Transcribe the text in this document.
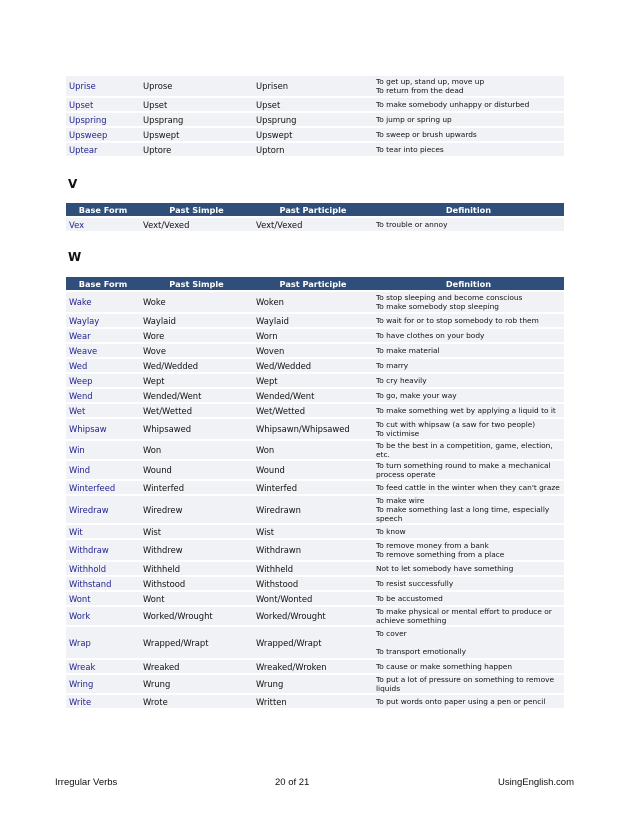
Uprise	Uprose	Uprisen	To get up, stand up, move up
To return from the dead

Upset	Upset	Upset	To make somebody unhappy or disturbed

Upspring	Upsprang	Upsprung	To jump or spring up

Upsweep	Upswept	Upswept	To sweep or brush upwards

Uptear	Uptore	Uptorn	To tear into pieces
V
Base Form	Past Simple	Past Participle	Definition
Vex	Vext/Vexed	Vext/Vexed	To trouble or annoy
W
Base Form	Past Simple	Past Participle	Definition
Wake	Woke	Woken	To stop sleeping and become conscious
To make somebody stop sleeping

Waylay	Waylaid	Waylaid	To wait for or to stop somebody to rob them

Wear	Wore	Worn	To have clothes on your body

Weave	Wove	Woven	To make material

Wed	Wed/Wedded	Wed/Wedded	To marry

Weep	Wept	Wept	To cry heavily

Wend	Wended/Went	Wended/Went	To go, make your way

Wet	Wet/Wetted	Wet/Wetted	To make something wet by applying a liquid to it

Whipsaw	Whipsawed	Whipsawn/Whipsawed	To cut with whipsaw (a saw for two people)
To victimise

Win	Won	Won	To be the best in a competition, game, election, etc.

Wind	Wound	Wound	To turn something round to make a mechanical process operate

Winterfeed	Winterfed	Winterfed	To feed cattle in the winter when they can't graze

Wiredraw	Wiredrew	Wiredrawn	To make wire
To make something last a long time, especially speech

Wit	Wist	Wist	To know

Withdraw	Withdrew	Withdrawn	To remove money from a bank
To remove something from a place

Withhold	Withheld	Withheld	Not to let somebody have something

Withstand	Withstood	Withstood	To resist successfully

Wont	Wont	Wont/Wonted	To be accustomed

Work	Worked/Wrought	Worked/Wrought	To make physical or mental effort to produce or achieve something

Wrap	Wrapped/Wrapt	Wrapped/Wrapt	To cover
To transport emotionally

Wreak	Wreaked	Wreaked/Wroken	To cause or make something happen

Wring	Wrung	Wrung	To put a lot of pressure on something to remove liquids

Write	Wrote	Written	To put words onto paper using a pen or pencil
Irregular Verbs	20 of 21	UsingEnglish.com
